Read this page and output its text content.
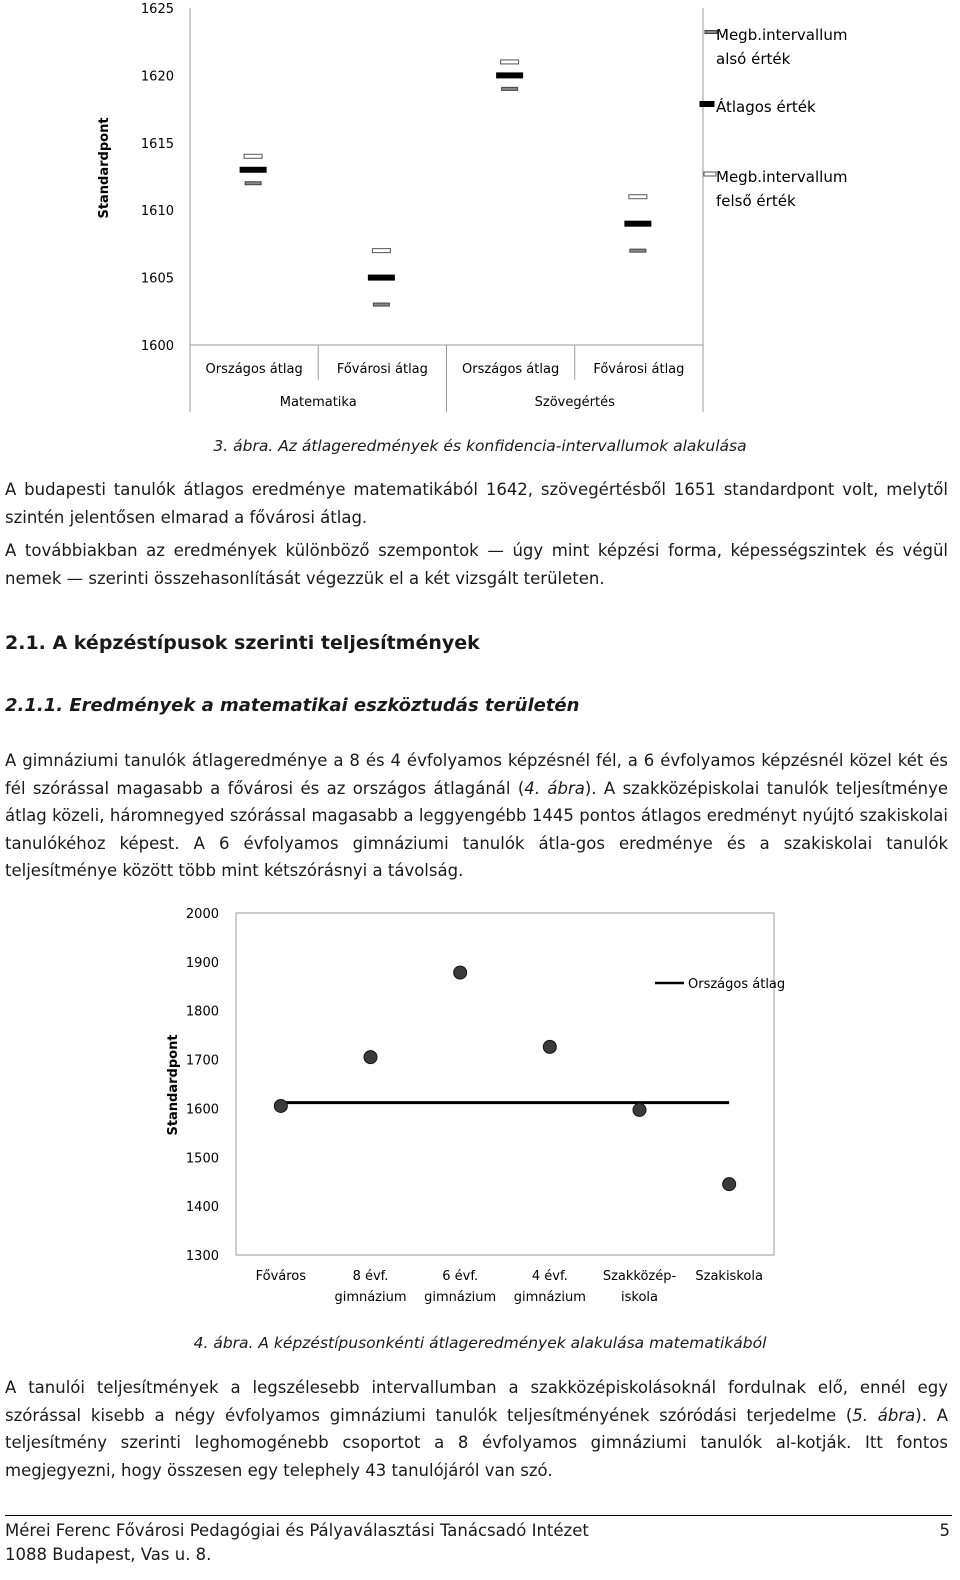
1600
1605
1610
1615
1620
1625
Standardpont
Országos átlag	Fővárosi átlag	Országos átlag	Fővárosi átlag
Matematika	Szövegértés
Megb.intervallum
alsó érték
Átlagos érték
Megb.intervallum
felső érték
3. ábra. Az átlageredmények és konfidencia-intervallumok alakulása
A budapesti tanulók átlagos eredménye matematikából 1642, szövegértésből 1651 standardpont volt, melytől szintén jelentősen elmarad a fővárosi átlag.
A továbbiakban az eredmények különböző szempontok — úgy mint képzési forma, képességszintek és végül nemek — szerinti összehasonlítását végezzük el a két vizsgált területen.
2.1. A képzéstípusok szerinti teljesítmények
2.1.1. Eredmények a matematikai eszköztudás területén
A gimnáziumi tanulók átlageredménye a 8 és 4 évfolyamos képzésnél fél, a 6 évfolyamos képzésnél közel két és fél szórással magasabb a fővárosi és az országos átlagánál (4. ábra). A szakközépiskolai tanulók teljesítménye átlag közeli, háromnegyed szórással magasabb a leggyengébb 1445 pontos átlagos eredményt nyújtó szakiskolai tanulókéhoz képest. A 6 évfolyamos gimnáziumi tanulók átla-gos eredménye és a szakiskolai tanulók teljesítménye között több mint kétszórásnyi a távolság.
1300
1400
1500
1600
1700
1800
1900
2000
Standardpont
Főváros	8 évf.
gimnázium
6 évf.
gimnázium
4 évf.
gimnázium
Szakközép-
iskola
Szakiskola
Országos átlag
4. ábra. A képzéstípusonkénti átlageredmények alakulása matematikából
A tanulói teljesítmények a legszélesebb intervallumban a szakközépiskolásoknál fordulnak elő, ennél egy szórással kisebb a négy évfolyamos gimnáziumi tanulók teljesítményének szóródási terjedelme (5. ábra). A teljesítmény szerinti leghomogénebb csoportot a 8 évfolyamos gimnáziumi tanulók al-kotják. Itt fontos megjegyezni, hogy összesen egy telephely 43 tanulójáról van szó.
Mérei Ferenc Fővárosi Pedagógiai és Pályaválasztási Tanácsadó Intézet
1088 Budapest, Vas u. 8.
5
